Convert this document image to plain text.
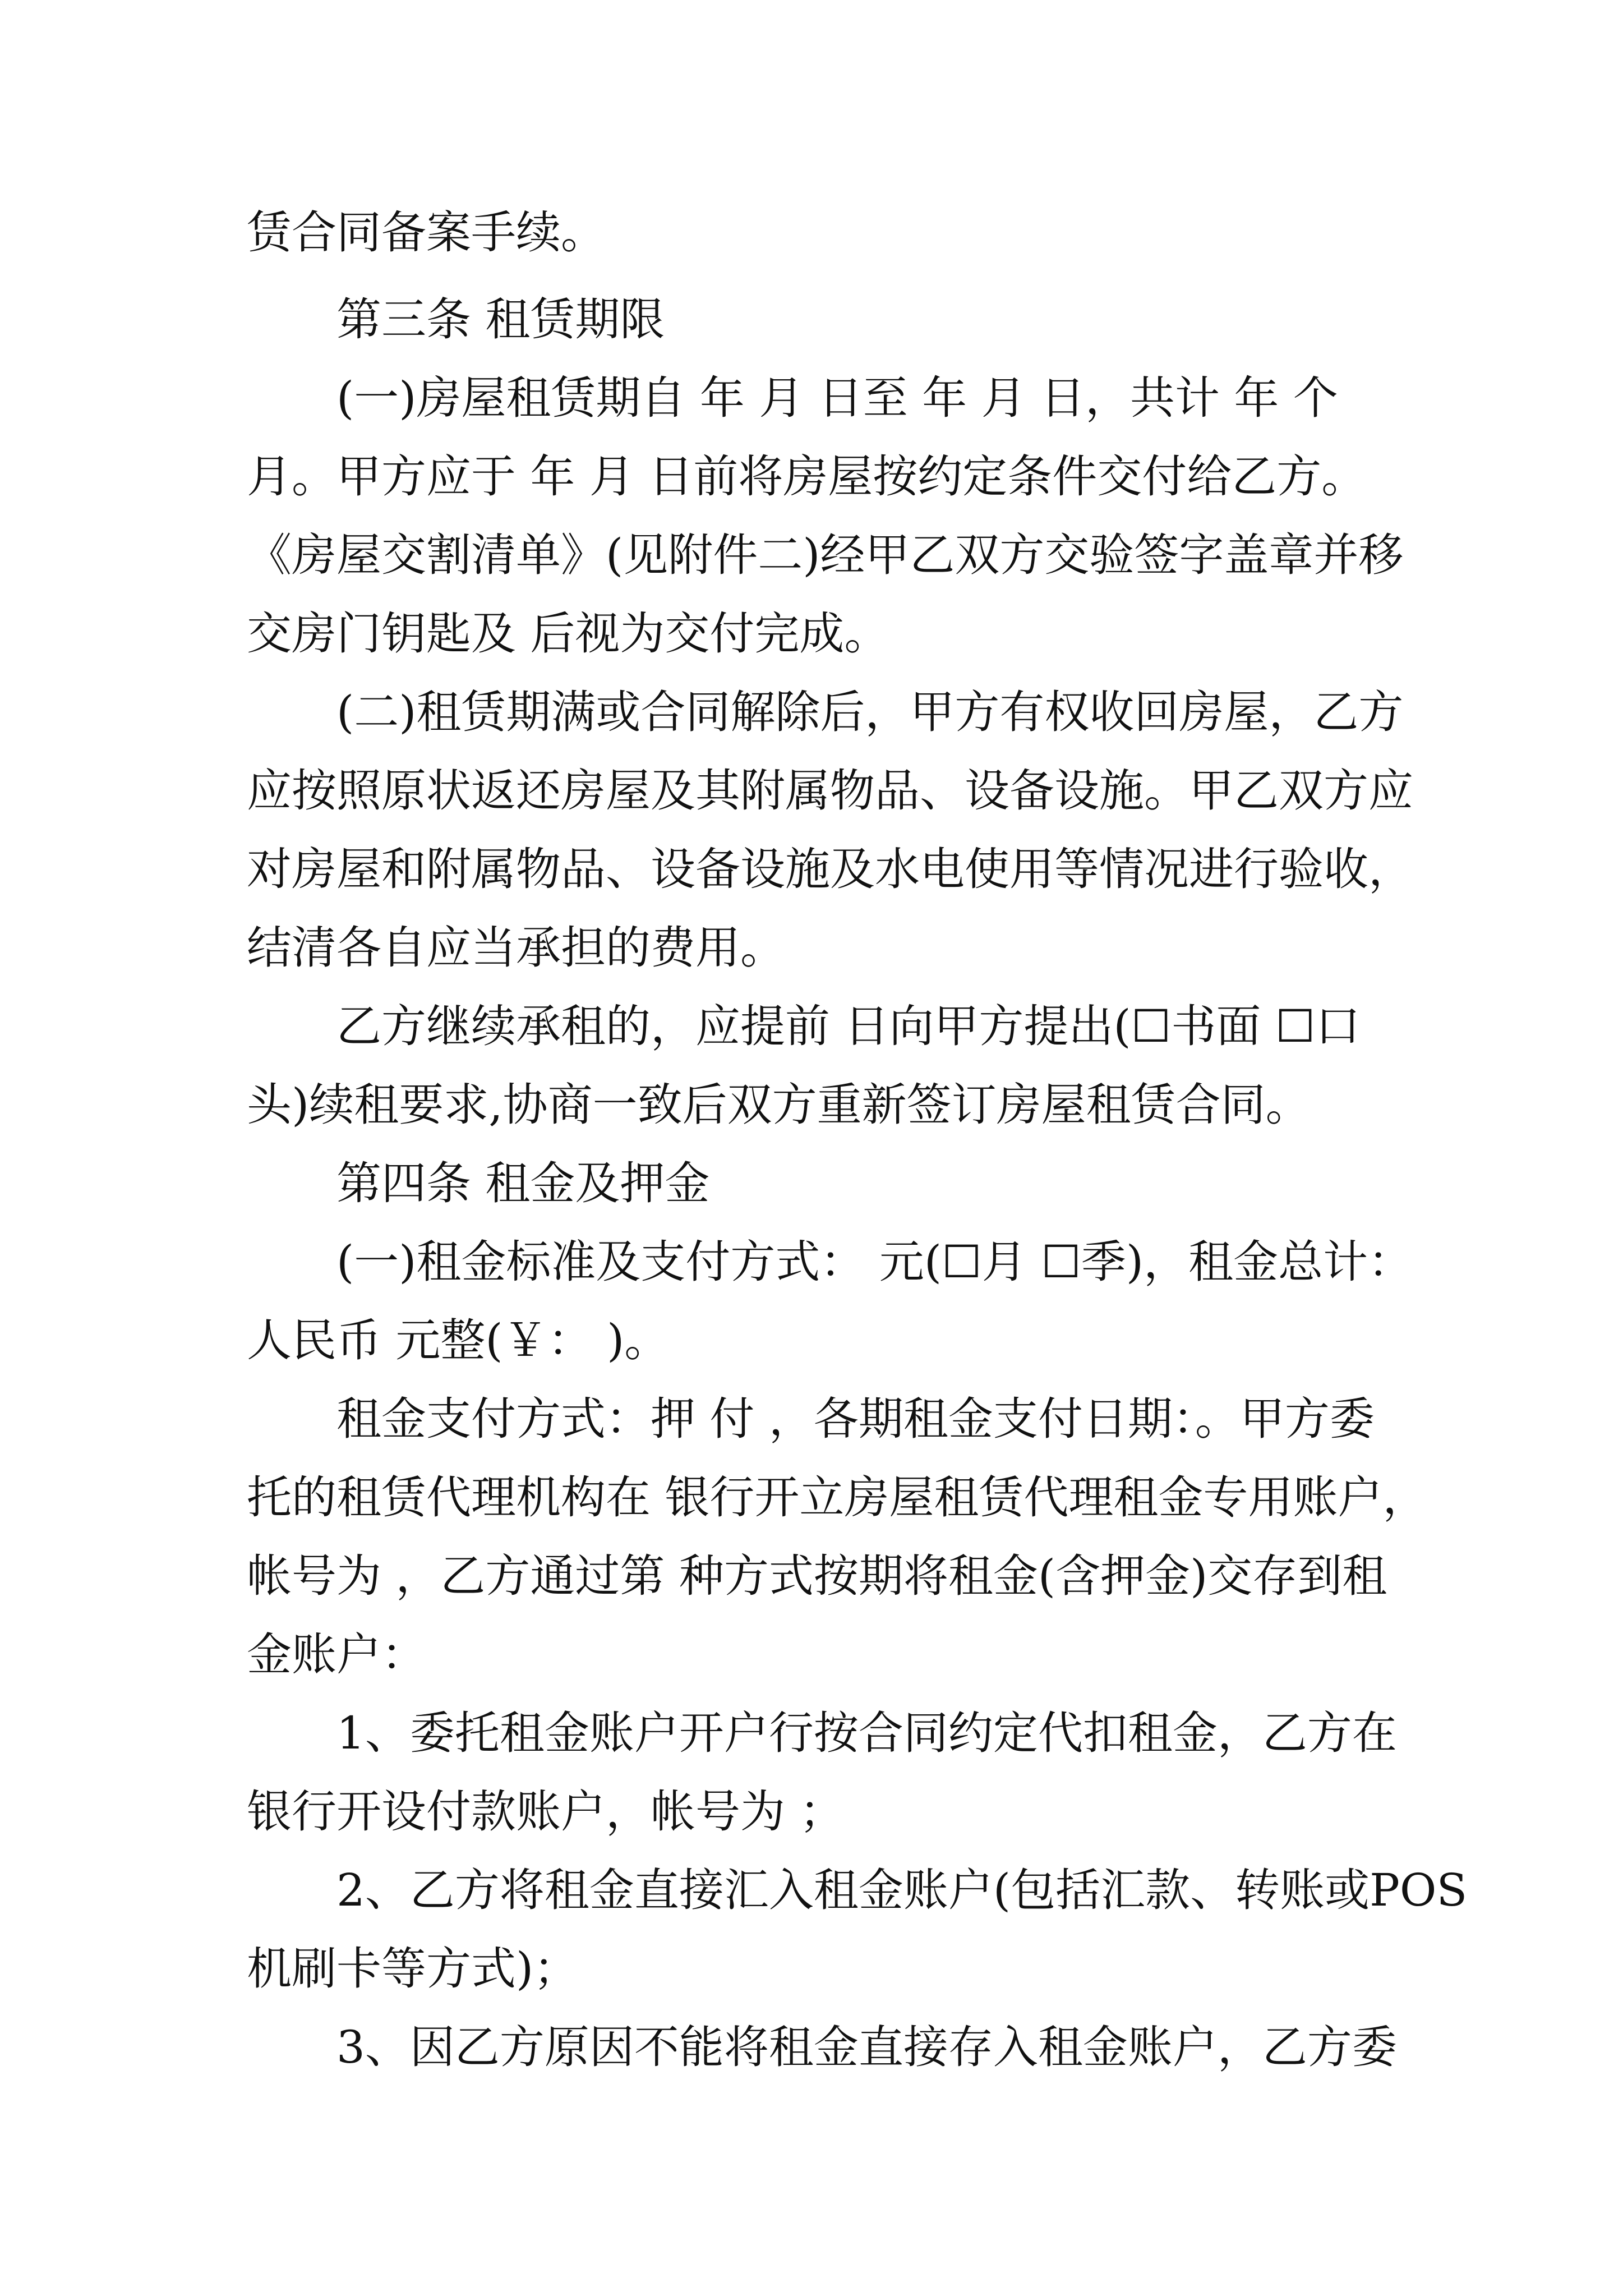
赁合同备案手续。
第三条 租赁期限
(一)房屋租赁期自 年 月 日至 年 月 日，共计 年 个
月。甲方应于 年 月 日前将房屋按约定条件交付给乙方。
《房屋交割清单》(见附件二)经甲乙双方交验签字盖章并移
交房门钥匙及 后视为交付完成。
(二)租赁期满或合同解除后，甲方有权收回房屋，乙方
应按照原状返还房屋及其附属物品、设备设施。甲乙双方应
对房屋和附属物品、设备设施及水电使用等情况进行验收，
结清各自应当承担的费用。
乙方继续承租的，应提前 日向甲方提出(☐书面 ☐口
头)续租要求,协商一致后双方重新签订房屋租赁合同。
第四条 租金及押金
(一)租金标准及支付方式： 元(☐月 ☐季)，租金总计：
人民币 元整(￥： )。
租金支付方式：押 付 ，各期租金支付日期：。甲方委
托的租赁代理机构在 银行开立房屋租赁代理租金专用账户，
帐号为 ，乙方通过第 种方式按期将租金(含押金)交存到租
金账户：
1、委托租金账户开户行按合同约定代扣租金，乙方在
银行开设付款账户，帐号为 ；
2、乙方将租金直接汇入租金账户(包括汇款、转账或POS
机刷卡等方式)；
3、因乙方原因不能将租金直接存入租金账户，乙方委
